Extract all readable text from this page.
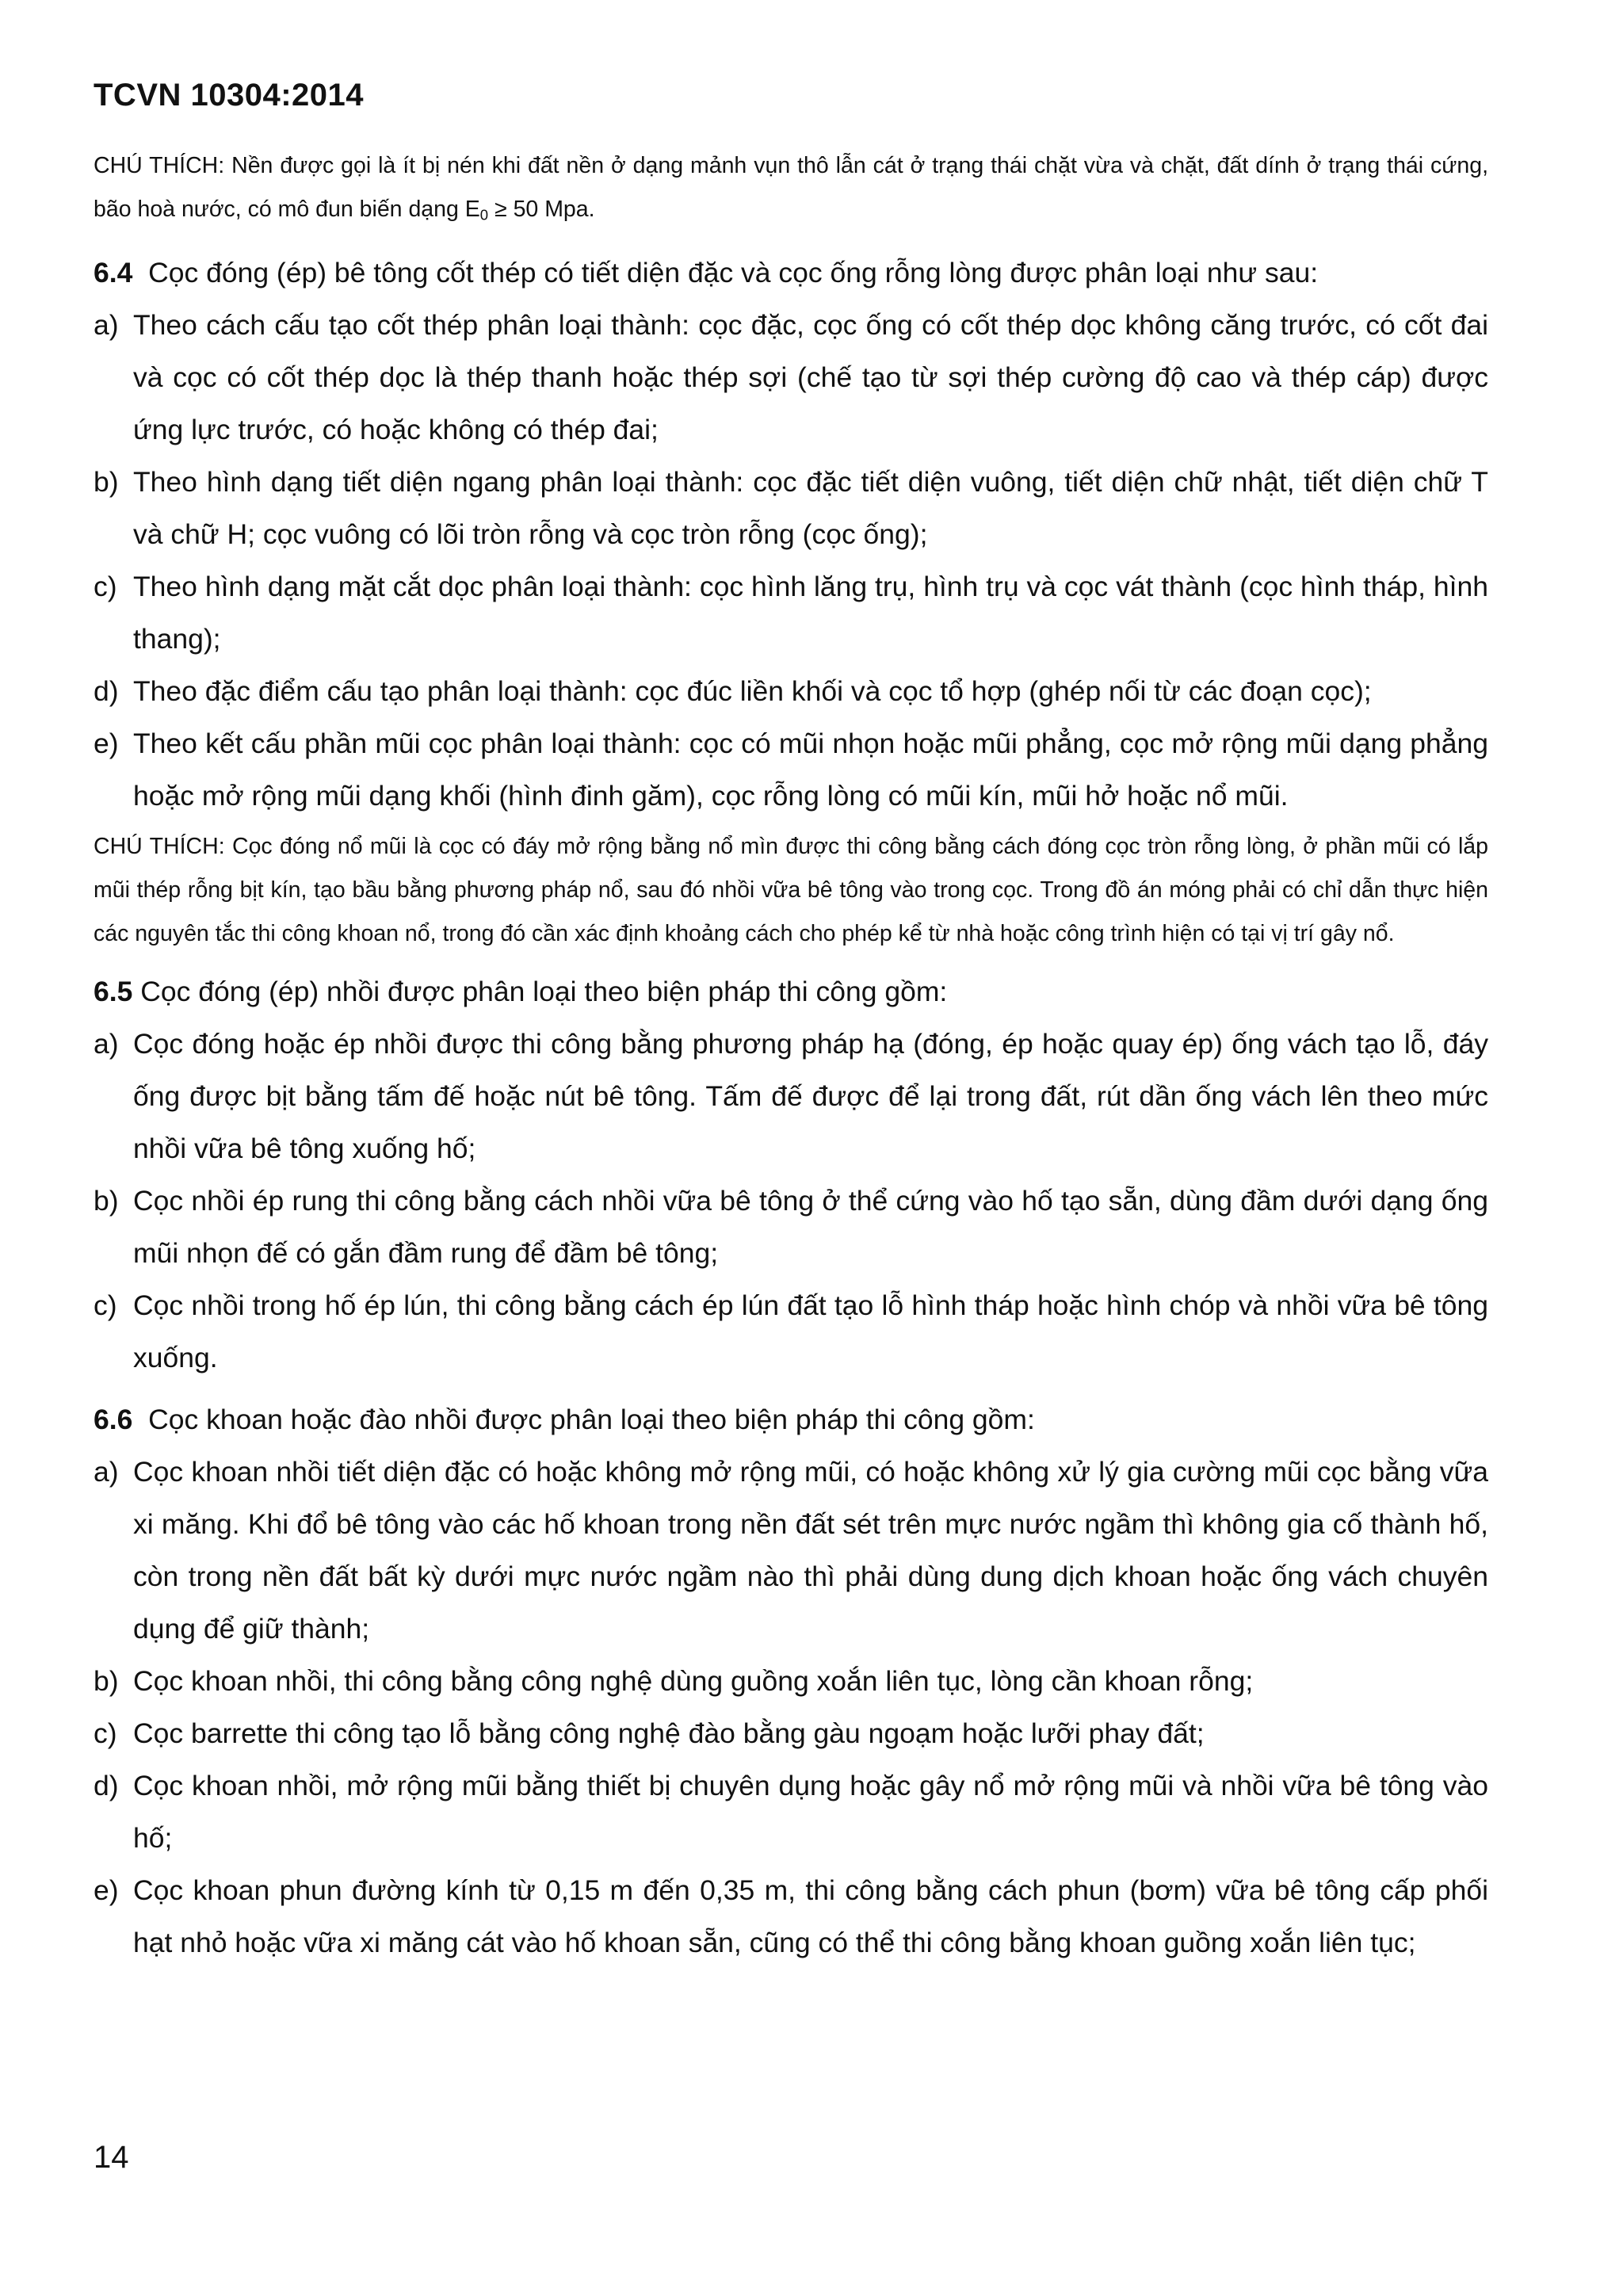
TCVN 10304:2014
CHÚ THÍCH: Nền được gọi là ít bị nén khi đất nền ở dạng mảnh vụn thô lẫn cát ở trạng thái chặt vừa và chặt, đất dính ở trạng thái cứng, bão hoà nước, có mô đun biến dạng $E_0 \ge 50$ Mpa.
6.4 Cọc đóng (ép) bê tông cốt thép có tiết diện đặc và cọc ống rỗng lòng được phân loại như sau:
a) Theo cách cấu tạo cốt thép phân loại thành: cọc đặc, cọc ống có cốt thép dọc không căng trước, có cốt đai và cọc có cốt thép dọc là thép thanh hoặc thép sợi (chế tạo từ sợi thép cường độ cao và thép cáp) được ứng lực trước, có hoặc không có thép đai;
b) Theo hình dạng tiết diện ngang phân loại thành: cọc đặc tiết diện vuông, tiết diện chữ nhật, tiết diện chữ T và chữ H; cọc vuông có lõi tròn rỗng và cọc tròn rỗng (cọc ống);
c) Theo hình dạng mặt cắt dọc phân loại thành: cọc hình lăng trụ, hình trụ và cọc vát thành (cọc hình tháp, hình thang);
d) Theo đặc điểm cấu tạo phân loại thành: cọc đúc liền khối và cọc tổ hợp (ghép nối từ các đoạn cọc);
e) Theo kết cấu phần mũi cọc phân loại thành: cọc có mũi nhọn hoặc mũi phẳng, cọc mở rộng mũi dạng phẳng hoặc mở rộng mũi dạng khối (hình đinh găm), cọc rỗng lòng có mũi kín, mũi hở hoặc nổ mũi.
CHÚ THÍCH: Cọc đóng nổ mũi là cọc có đáy mở rộng bằng nổ mìn được thi công bằng cách đóng cọc tròn rỗng lòng, ở phần mũi có lắp mũi thép rỗng bịt kín, tạo bầu bằng phương pháp nổ, sau đó nhồi vữa bê tông vào trong cọc. Trong đồ án móng phải có chỉ dẫn thực hiện các nguyên tắc thi công khoan nổ, trong đó cần xác định khoảng cách cho phép kể từ nhà hoặc công trình hiện có tại vị trí gây nổ.
6.5 Cọc đóng (ép) nhồi được phân loại theo biện pháp thi công gồm:
a) Cọc đóng hoặc ép nhồi được thi công bằng phương pháp hạ (đóng, ép hoặc quay ép) ống vách tạo lỗ, đáy ống được bịt bằng tấm đế hoặc nút bê tông. Tấm đế được để lại trong đất, rút dần ống vách lên theo mức nhồi vữa bê tông xuống hố;
b) Cọc nhồi ép rung thi công bằng cách nhồi vữa bê tông ở thể cứng vào hố tạo sẵn, dùng đầm dưới dạng ống mũi nhọn đế có gắn đầm rung để đầm bê tông;
c) Cọc nhồi trong hố ép lún, thi công bằng cách ép lún đất tạo lỗ hình tháp hoặc hình chóp và nhồi vữa bê tông xuống.
6.6 Cọc khoan hoặc đào nhồi được phân loại theo biện pháp thi công gồm:
a) Cọc khoan nhồi tiết diện đặc có hoặc không mở rộng mũi, có hoặc không xử lý gia cường mũi cọc bằng vữa xi măng. Khi đổ bê tông vào các hố khoan trong nền đất sét trên mực nước ngầm thì không gia cố thành hố, còn trong nền đất bất kỳ dưới mực nước ngầm nào thì phải dùng dung dịch khoan hoặc ống vách chuyên dụng để giữ thành;
b) Cọc khoan nhồi, thi công bằng công nghệ dùng guồng xoắn liên tục, lòng cần khoan rỗng;
c) Cọc barrette thi công tạo lỗ bằng công nghệ đào bằng gàu ngoạm hoặc lưỡi phay đất;
d) Cọc khoan nhồi, mở rộng mũi bằng thiết bị chuyên dụng hoặc gây nổ mở rộng mũi và nhồi vữa bê tông vào hố;
e) Cọc khoan phun đường kính từ 0,15 m đến 0,35 m, thi công bằng cách phun (bơm) vữa bê tông cấp phối hạt nhỏ hoặc vữa xi măng cát vào hố khoan sẵn, cũng có thể thi công bằng khoan guồng xoắn liên tục;
14
